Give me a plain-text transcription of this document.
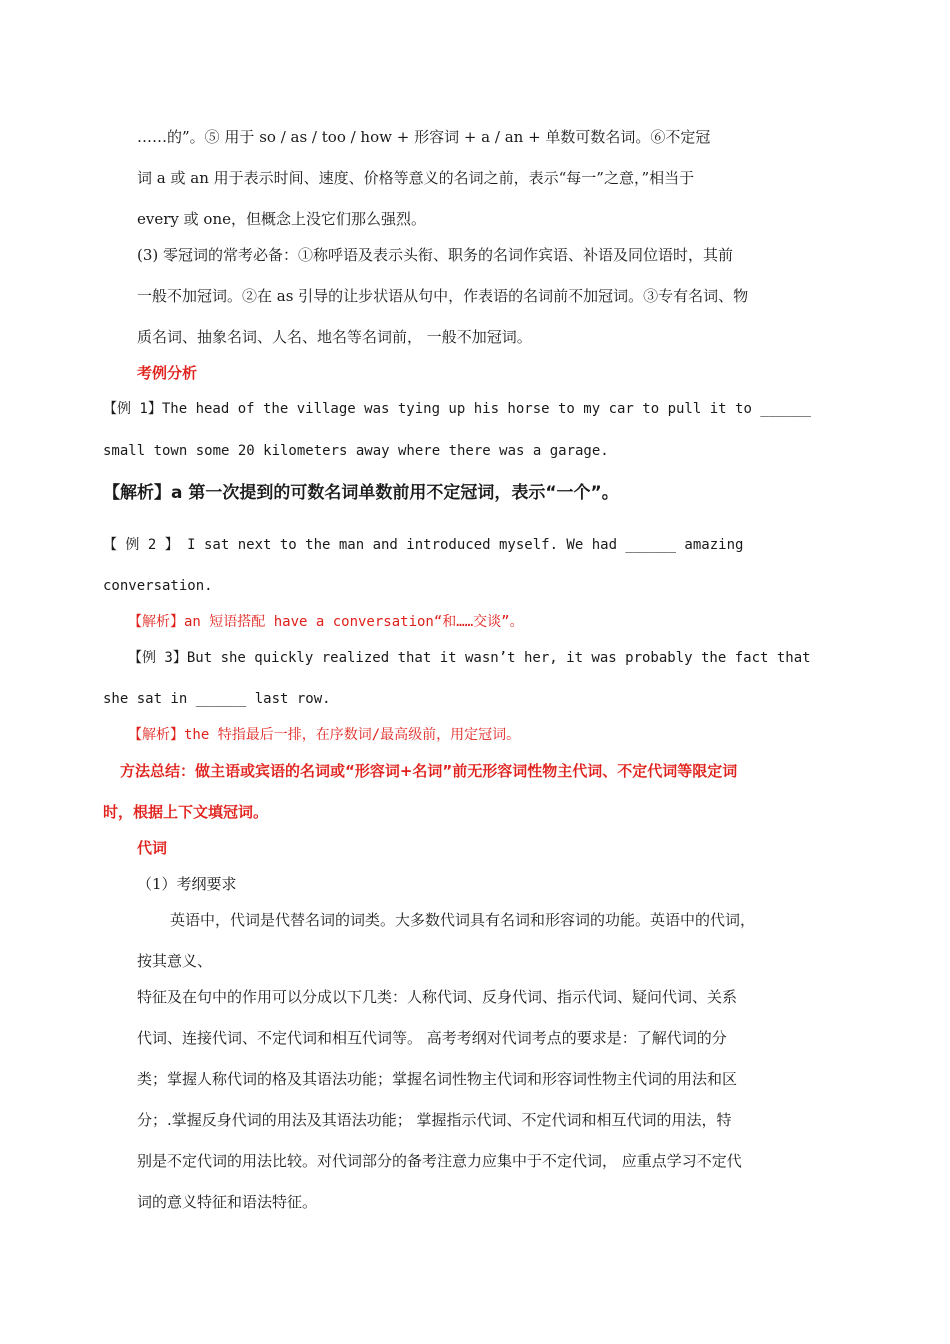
……的”。⑤ 用于 so / as / too / how + 形容词 + a / an + 单数可数名词。⑥不定冠
词 a 或 an 用于表示时间、速度、价格等意义的名词之前，表示“每一”之意，”相当于
every 或 one，但概念上没它们那么强烈。
(3) 零冠词的常考必备：①称呼语及表示头衔、职务的名词作宾语、补语及同位语时，其前
一般不加冠词。②在 as 引导的让步状语从句中，作表语的名词前不加冠词。③专有名词、物
质名词、抽象名词、人名、地名等名词前， 一般不加冠词。
考例分析
【例 1】The head of the village was tying up his horse to my car to pull it to ______
small town some 20 kilometers away where there was a garage.
【解析】a 第一次提到的可数名词单数前用不定冠词，表示“一个”。
【 例 2 】 I sat next to the man and introduced myself. We had ______ amazing
conversation.
【解析】an 短语搭配 have a conversation“和……交谈”。
【例 3】But she quickly realized that it wasn’t her, it was probably the fact that
she sat in ______ last row.
【解析】the 特指最后一排，在序数词/最高级前，用定冠词。
方法总结：做主语或宾语的名词或“形容词+名词”前无形容词性物主代词、不定代词等限定词
时，根据上下文填冠词。
代词
（1）考纲要求
英语中，代词是代替名词的词类。大多数代词具有名词和形容词的功能。英语中的代词，
按其意义、
特征及在句中的作用可以分成以下几类：人称代词、反身代词、指示代词、疑问代词、关系
代词、连接代词、不定代词和相互代词等。 高考考纲对代词考点的要求是：了解代词的分
类；掌握人称代词的格及其语法功能；掌握名词性物主代词和形容词性物主代词的用法和区
分；.掌握反身代词的用法及其语法功能； 掌握指示代词、不定代词和相互代词的用法，特
别是不定代词的用法比较。对代词部分的备考注意力应集中于不定代词， 应重点学习不定代
词的意义特征和语法特征。
